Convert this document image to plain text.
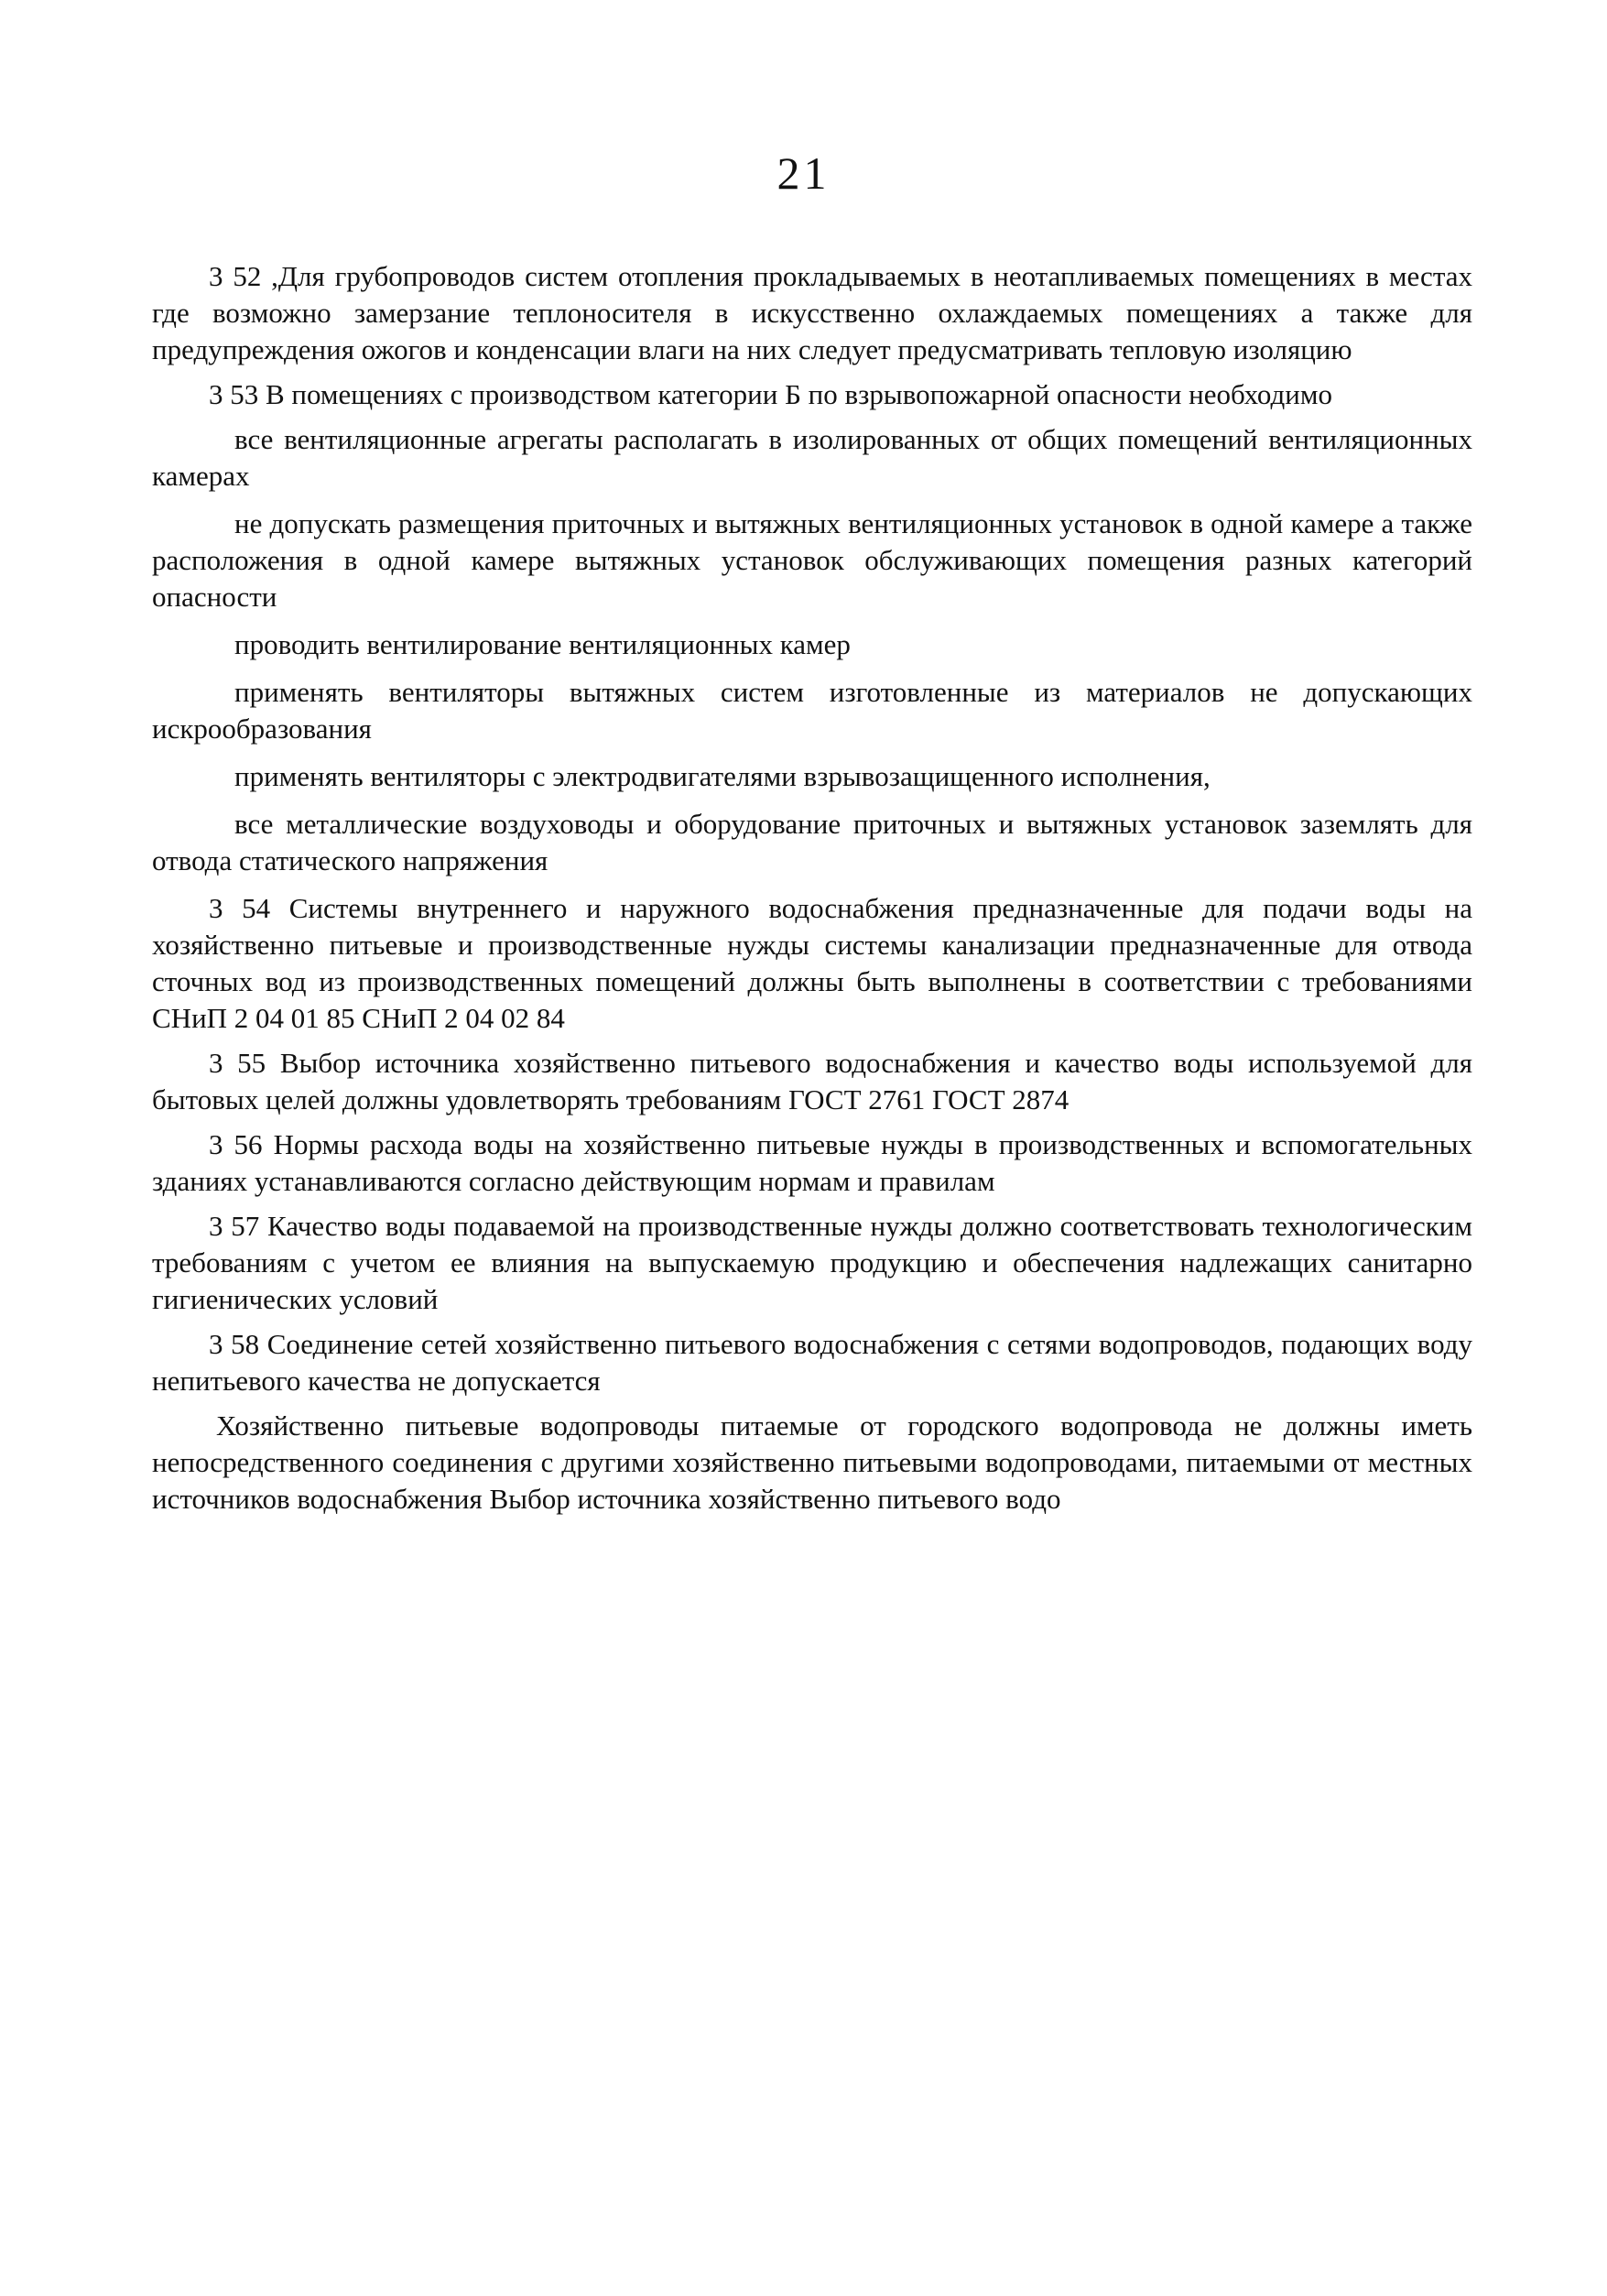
21

3 52 ,Для грубопроводов систем отопления прокладываемых в неотапливаемых помещениях в местах где возможно замерзание теплоносителя в искусственно охлаждаемых помещениях а также для предупреждения ожогов и конденсации влаги на них следует предусматривать тепловую изоляцию

3 53 В помещениях с производством категории Б по взрывопожарной опасности необходимо

все вентиляционные агрегаты располагать в изолированных от общих помещений вентиляционных камерах

не допускать размещения приточных и вытяжных вентиляционных установок в одной камере а также расположения в одной камере вытяжных установок обслуживающих помещения разных категорий опасности

проводить вентилирование вентиляционных камер

применять вентиляторы вытяжных систем изготовленные из материалов не допускающих искрообразования

применять вентиляторы с электродвигателями взрывозащищенного исполнения,

все металлические воздуховоды и оборудование приточных и вытяжных установок заземлять для отвода статического напряжения

3 54 Системы внутреннего и наружного водоснабжения предназначенные для подачи воды на хозяйственно питьевые и производственные нужды системы канализации предназначенные для отвода сточных вод из производственных помещений должны быть выполнены в соответствии с требованиями СНиП 2 04 01 85 СНиП 2 04 02 84

3 55 Выбор источника хозяйственно питьевого водоснабжения и качество воды используемой для бытовых целей должны удовлетворять требованиям ГОСТ 2761 ГОСТ 2874

3 56 Нормы расхода воды на хозяйственно питьевые нужды в производственных и вспомогательных зданиях устанавливаются согласно действующим нормам и правилам

3 57 Качество воды подаваемой на производственные нужды должно соответствовать технологическим требованиям с учетом ее влияния на выпускаемую продукцию и обеспечения надлежащих санитарно гигиенических условий

3 58 Соединение сетей хозяйственно питьевого водоснабжения с сетями водопроводов, подающих воду непитьевого качества не допускается

Хозяйственно питьевые водопроводы питаемые от городского водопровода не должны иметь непосредственного соединения с другими хозяйственно питьевыми водопроводами, питаемыми от местных источников водоснабжения Выбор источника хозяйственно питьевого водо
